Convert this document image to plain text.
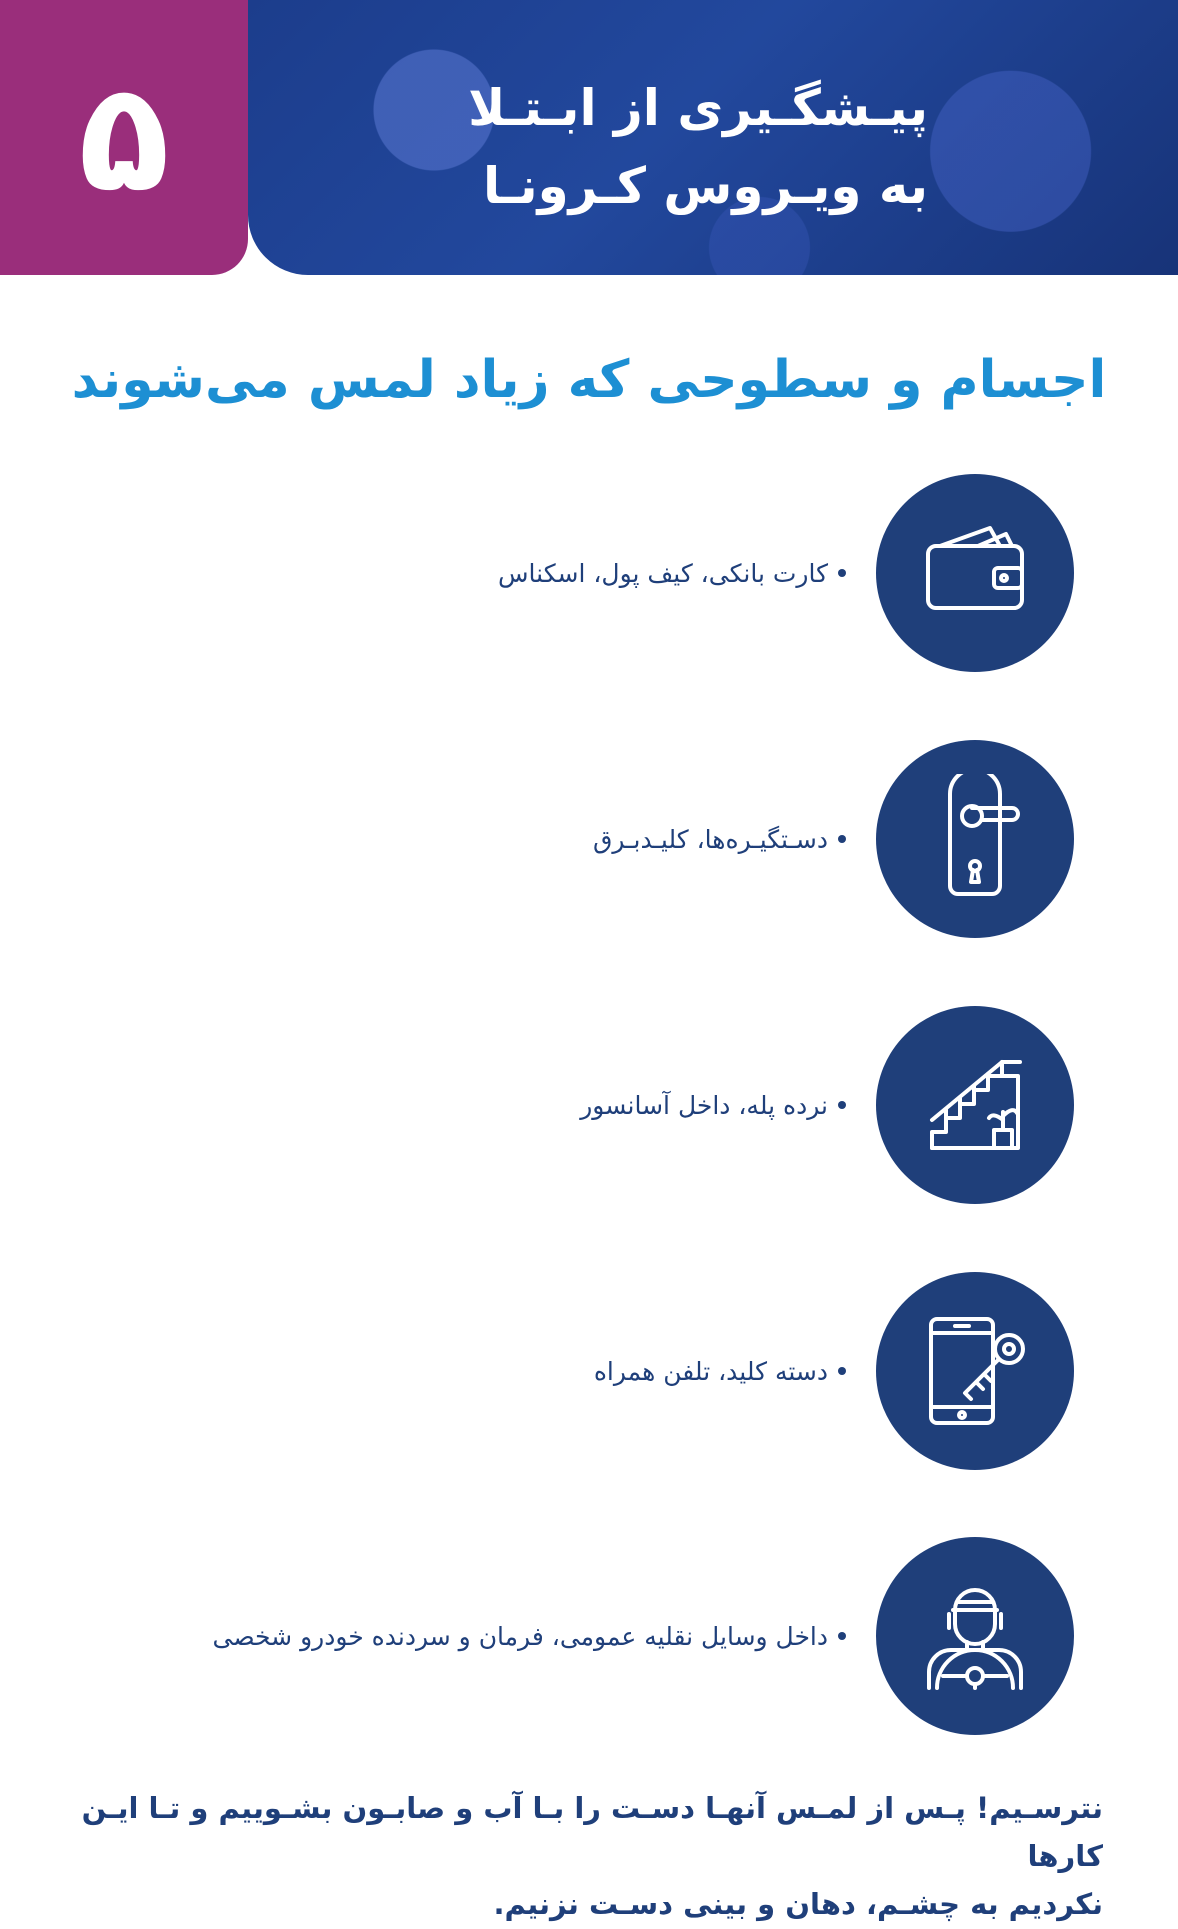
۵	پیـشگـیری از ابـتـلا
به ویـروس کـرونـا
اجسام و سطوحی که زیاد لمس می‌شوند
کارت بانکی، کیف پول، اسکناس
دسـتگیـره‌ها، کلیـدبـرق
نرده پله، داخل آسانسور
دسته کلید، تلفن همراه
داخل وسایل نقلیه عمومی، فرمان و سردنده خودرو شخصی
نترسـیم! پـس از لمـس آنهـا دسـت را بـا آب و صابـون بشـوییم و تـا ایـن کارها
نکردیم به چشـم، دهان و بینی دسـت نزنیم.
